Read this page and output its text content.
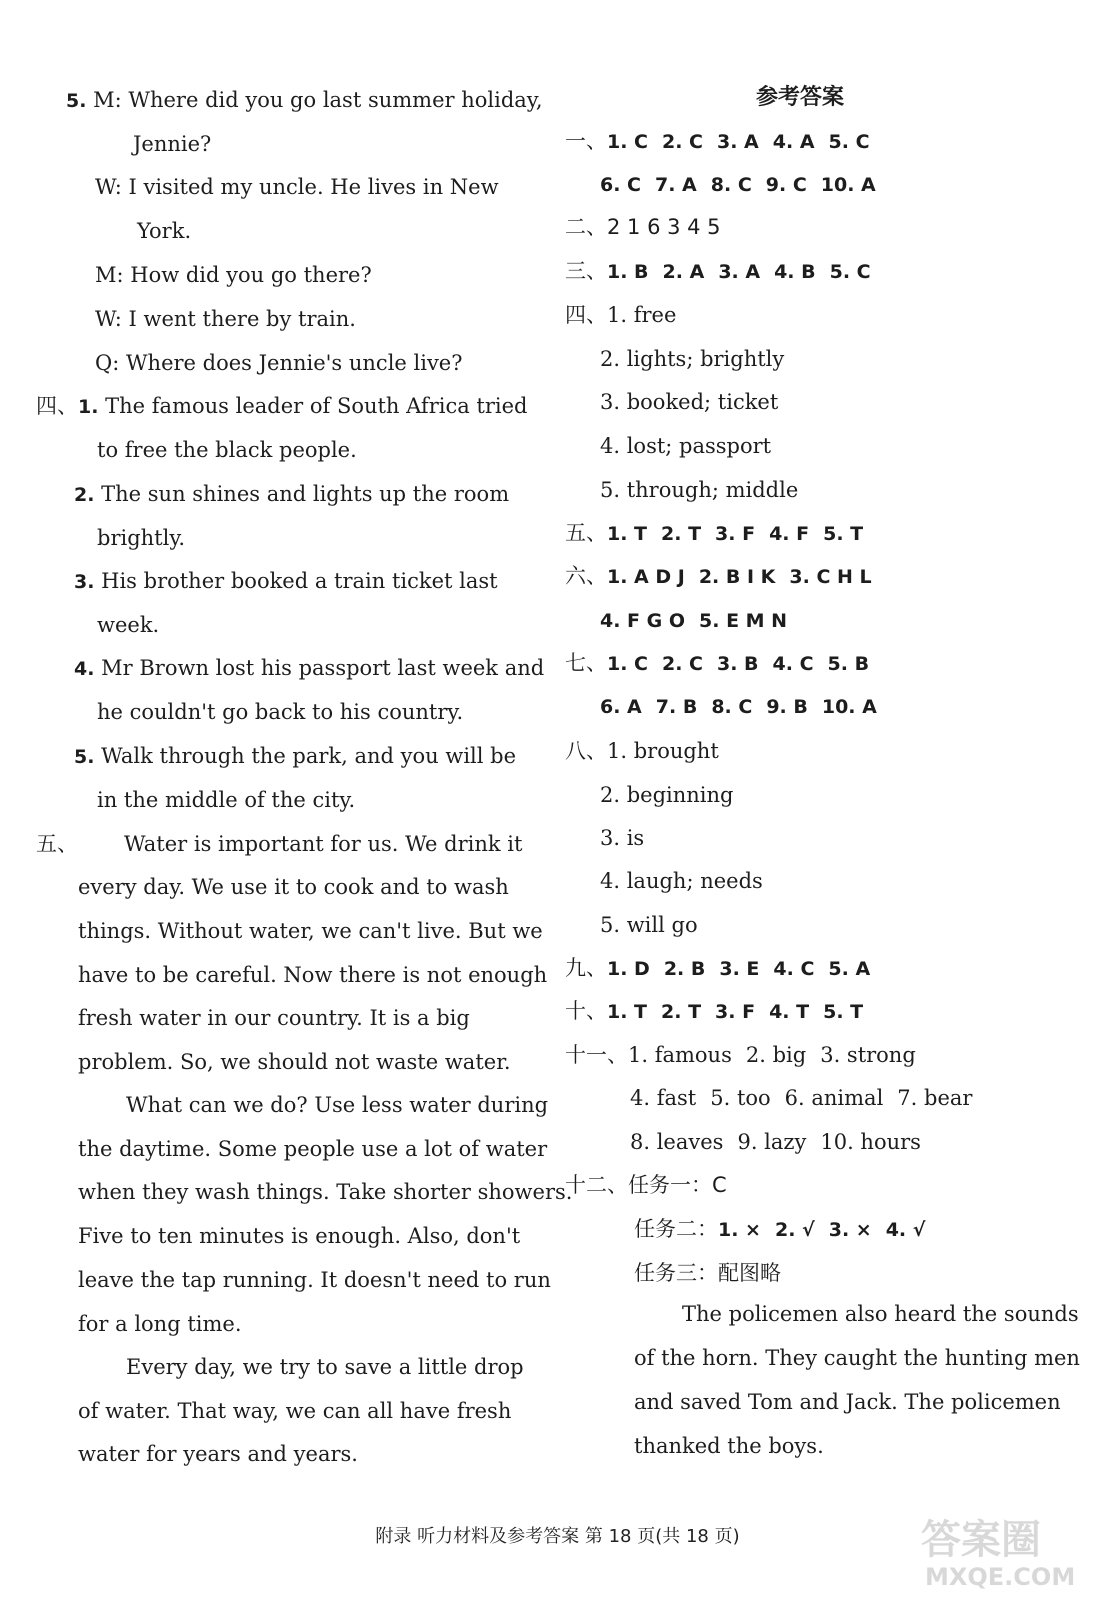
5. M: Where did you go last summer holiday,
Jennie?
W: I visited my uncle. He lives in New
York.
M: How did you go there?
W: I went there by train.
Q: Where does Jennie's uncle live?
四、1. The famous leader of South Africa tried
to free the black people.
2. The sun shines and lights up the room
brightly.
3. His brother booked a train ticket last
week.
4. Mr Brown lost his passport last week and
he couldn't go back to his country.
5. Walk through the park, and you will be
in the middle of the city.
五、 Water is important for us. We drink it
every day. We use it to cook and to wash
things. Without water, we can't live. But we
have to be careful. Now there is not enough
fresh water in our country. It is a big
problem. So, we should not waste water.
What can we do? Use less water during
the daytime. Some people use a lot of water
when they wash things. Take shorter showers.
Five to ten minutes is enough. Also, don't
leave the tap running. It doesn't need to run
for a long time.
Every day, we try to save a little drop
of water. That way, we can all have fresh
water for years and years.
参考答案
一、1. C 2. C 3. A 4. A 5. C
6. C 7. A 8. C 9. C 10. A
二、2 1 6 3 4 5
三、1. B 2. A 3. A 4. B 5. C
四、1. free
2. lights; brightly
3. booked; ticket
4. lost; passport
5. through; middle
五、1. T 2. T 3. F 4. F 5. T
六、1. A D J 2. B I K 3. C H L
4. F G O 5. E M N
七、1. C 2. C 3. B 4. C 5. B
6. A 7. B 8. C 9. B 10. A
八、1. brought
2. beginning
3. is
4. laugh; needs
5. will go
九、1. D 2. B 3. E 4. C 5. A
十、1. T 2. T 3. F 4. T 5. T
十一、1. famous 2. big 3. strong
4. fast 5. too 6. animal 7. bear
8. leaves 9. lazy 10. hours
十二、任务一：C
任务二：1. × 2. √ 3. × 4. √
任务三：配图略
The policemen also heard the sounds
of the horn. They caught the hunting men
and saved Tom and Jack. The policemen
thanked the boys.
附录 听力材料及参考答案 第 18 页(共 18 页)	答案圈
MXQE.COM
